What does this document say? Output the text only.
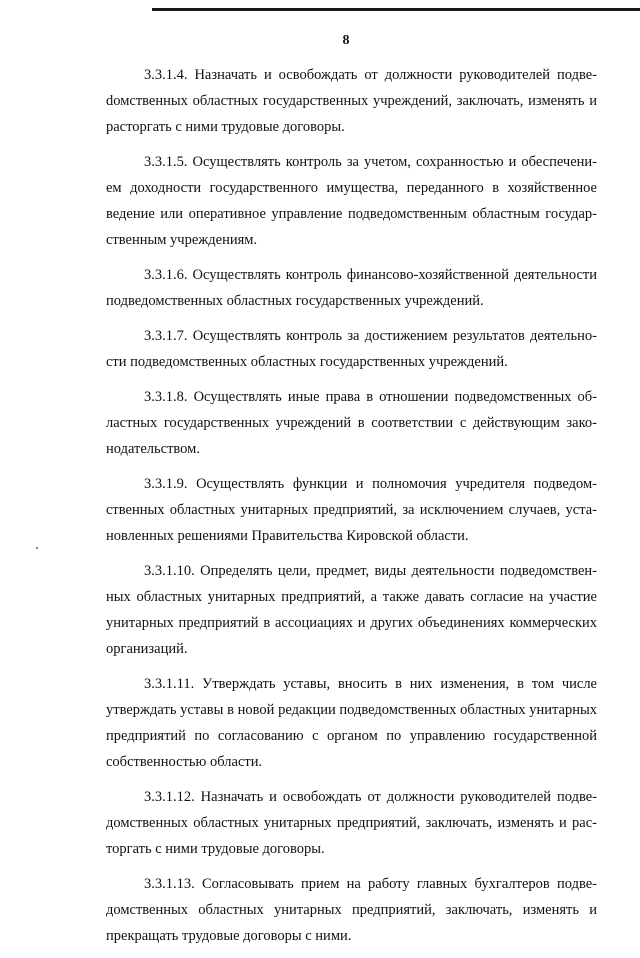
8

3.3.1.4. Назначать и освобождать от должности руководителей подвеdомственных областных государственных учреждений, заключать, изменять и расторгать с ними трудовые договоры.

3.3.1.5. Осуществлять контроль за учетом, сохранностью и обеспечением доходности государственного имущества, переданного в хозяйственное ведение или оперативное управление подведомственным областным государственным учреждениям.

3.3.1.6. Осуществлять контроль финансово-хозяйственной деятельности подведомственных областных государственных учреждений.

3.3.1.7. Осуществлять контроль за достижением результатов деятельности подведомственных областных государственных учреждений.

3.3.1.8. Осуществлять иные права в отношении подведомственных областных государственных учреждений в соответствии с действующим законодательством.

3.3.1.9. Осуществлять функции и полномочия учредителя подведомственных областных унитарных предприятий, за исключением случаев, установленных решениями Правительства Кировской области.

3.3.1.10. Определять цели, предмет, виды деятельности подведомственных областных унитарных предприятий, а также давать согласие на участие унитарных предприятий в ассоциациях и других объединениях коммерческих организаций.

3.3.1.11. Утверждать уставы, вносить в них изменения, в том числе утверждать уставы в новой редакции подведомственных областных унитарных предприятий по согласованию с органом по управлению государственной собственностью области.

3.3.1.12. Назначать и освобождать от должности руководителей подведомственных областных унитарных предприятий, заключать, изменять и расторгать с ними трудовые договоры.

3.3.1.13. Согласовывать прием на работу главных бухгалтеров подведомственных областных унитарных предприятий, заключать, изменять и прекращать трудовые договоры с ними.
